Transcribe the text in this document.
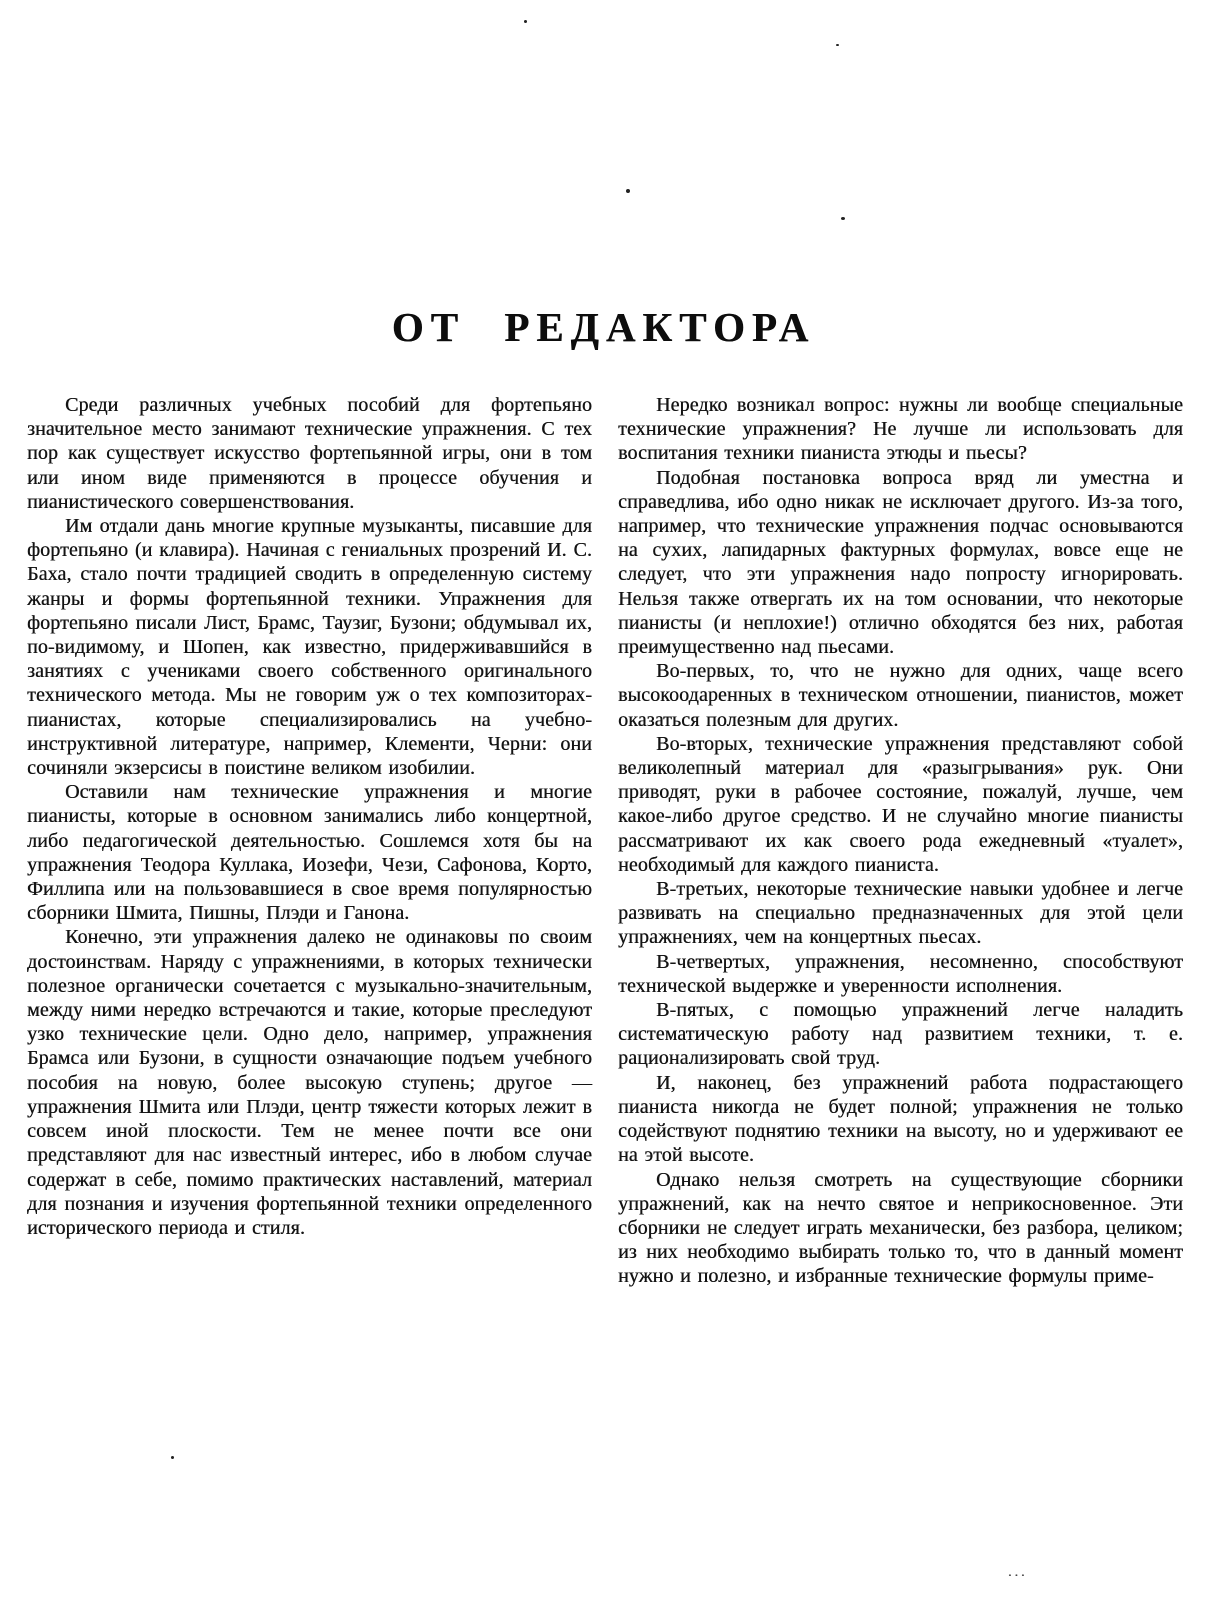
ОТ РЕДАКТОРА

Среди различных учебных пособий для фортепьяно значительное место занимают технические упражнения. С тех пор как существует искусство фортепьянной игры, они в том или ином виде применяются в процессе обучения и пианистического совершенствования.

Им отдали дань многие крупные музыканты, писавшие для фортепьяно (и клавира). Начиная с гениальных прозрений И. С. Баха, стало почти традицией сводить в определенную систему жанры и формы фортепьянной техники. Упражнения для фортепьяно писали Лист, Брамс, Таузиг, Бузони; обдумывал их, по-видимому, и Шопен, как известно, придерживавшийся в занятиях с учениками своего собственного оригинального технического метода. Мы не говорим уж о тех композиторах-пианистах, которые специализировались на учебно-инструктивной литературе, например, Клементи, Черни: они сочиняли экзерсисы в поистине великом изобилии.

Оставили нам технические упражнения и многие пианисты, которые в основном занимались либо концертной, либо педагогической деятельностью. Сошлемся хотя бы на упражнения Теодора Куллака, Иозефи, Чези, Сафонова, Корто, Филлипа или на пользовавшиеся в свое время популярностью сборники Шмита, Пишны, Плэди и Ганона.

Конечно, эти упражнения далеко не одинаковы по своим достоинствам. Наряду с упражнениями, в которых технически полезное органически сочетается с музыкально-значительным, между ними нередко встречаются и такие, которые преследуют узко технические цели. Одно дело, например, упражнения Брамса или Бузони, в сущности означающие подъем учебного пособия на новую, более высокую ступень; другое — упражнения Шмита или Плэди, центр тяжести которых лежит в совсем иной плоскости. Тем не менее почти все они представляют для нас известный интерес, ибо в любом случае содержат в себе, помимо практических наставлений, материал для познания и изучения фортепьянной техники определенного исторического периода и стиля.

Нередко возникал вопрос: нужны ли вообще специальные технические упражнения? Не лучше ли использовать для воспитания техники пианиста этюды и пьесы?

Подобная постановка вопроса вряд ли уместна и справедлива, ибо одно никак не исключает другого. Из-за того, например, что технические упражнения подчас основываются на сухих, лапидарных фактурных формулах, вовсе еще не следует, что эти упражнения надо попросту игнорировать. Нельзя также отвергать их на том основании, что некоторые пианисты (и неплохие!) отлично обходятся без них, работая преимущественно над пьесами.

Во-первых, то, что не нужно для одних, чаще всего высокоодаренных в техническом отношении, пианистов, может оказаться полезным для других.

Во-вторых, технические упражнения представляют собой великолепный материал для «разыгрывания» рук. Они приводят, руки в рабочее состояние, пожалуй, лучше, чем какое-либо другое средство. И не случайно многие пианисты рассматривают их как своего рода ежедневный «туалет», необходимый для каждого пианиста.

В-третьих, некоторые технические навыки удобнее и легче развивать на специально предназначенных для этой цели упражнениях, чем на концертных пьесах.

В-четвертых, упражнения, несомненно, способствуют технической выдержке и уверенности исполнения.

В-пятых, с помощью упражнений легче наладить систематическую работу над развитием техники, т. е. рационализировать свой труд.

И, наконец, без упражнений работа подрастающего пианиста никогда не будет полной; упражнения не только содействуют поднятию техники на высоту, но и удерживают ее на этой высоте.

Однако нельзя смотреть на существующие сборники упражнений, как на нечто святое и неприкосновенное. Эти сборники не следует играть механически, без разбора, целиком; из них необходимо выбирать только то, что в данный момент нужно и полезно, и избранные технические формулы приме-

...
